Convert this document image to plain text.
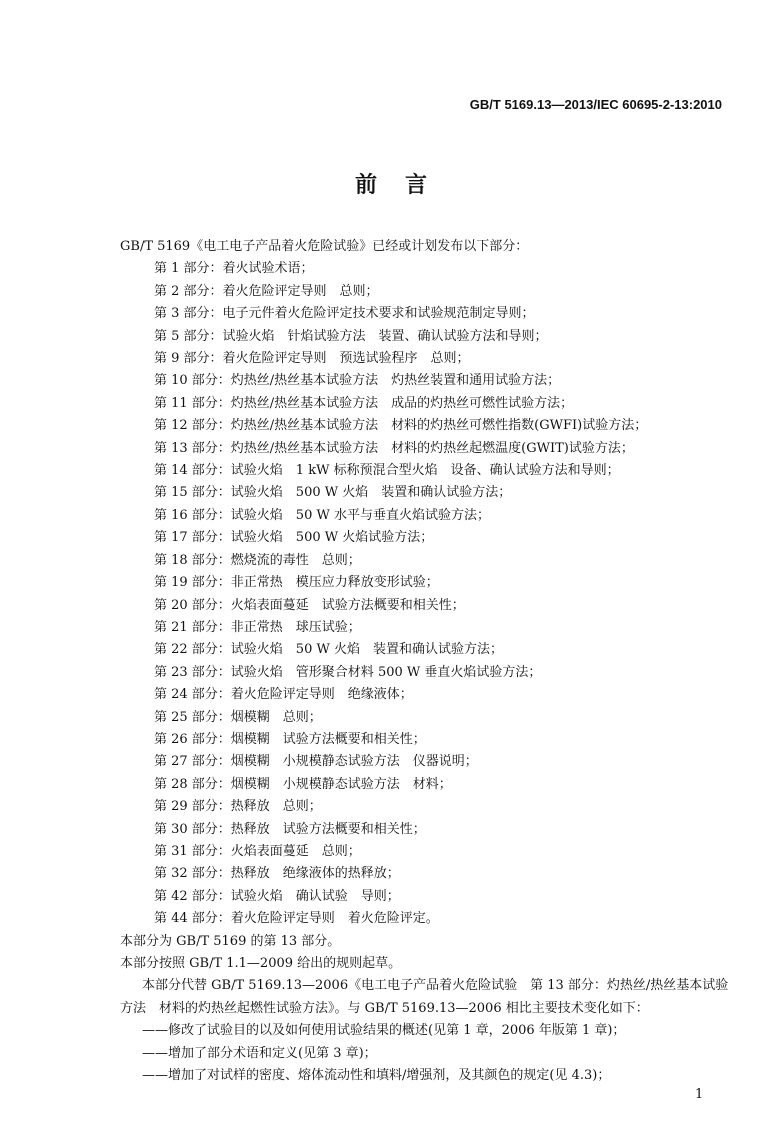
GB/T 5169.13—2013/IEC 60695-2-13:2010
前言
GB/T 5169《电工电子产品着火危险试验》已经或计划发布以下部分：
第 1 部分：着火试验术语；
第 2 部分：着火危险评定导则　总则；
第 3 部分：电子元件着火危险评定技术要求和试验规范制定导则；
第 5 部分：试验火焰　针焰试验方法　装置、确认试验方法和导则；
第 9 部分：着火危险评定导则　预选试验程序　总则；
第 10 部分：灼热丝/热丝基本试验方法　灼热丝装置和通用试验方法；
第 11 部分：灼热丝/热丝基本试验方法　成品的灼热丝可燃性试验方法；
第 12 部分：灼热丝/热丝基本试验方法　材料的灼热丝可燃性指数(GWFI)试验方法；
第 13 部分：灼热丝/热丝基本试验方法　材料的灼热丝起燃温度(GWIT)试验方法；
第 14 部分：试验火焰　1 kW 标称预混合型火焰　设备、确认试验方法和导则；
第 15 部分：试验火焰　500 W 火焰　装置和确认试验方法；
第 16 部分：试验火焰　50 W 水平与垂直火焰试验方法；
第 17 部分：试验火焰　500 W 火焰试验方法；
第 18 部分：燃烧流的毒性　总则；
第 19 部分：非正常热　模压应力释放变形试验；
第 20 部分：火焰表面蔓延　试验方法概要和相关性；
第 21 部分：非正常热　球压试验；
第 22 部分：试验火焰　50 W 火焰　装置和确认试验方法；
第 23 部分：试验火焰　管形聚合材料 500 W 垂直火焰试验方法；
第 24 部分：着火危险评定导则　绝缘液体；
第 25 部分：烟模糊　总则；
第 26 部分：烟模糊　试验方法概要和相关性；
第 27 部分：烟模糊　小规模静态试验方法　仪器说明；
第 28 部分：烟模糊　小规模静态试验方法　材料；
第 29 部分：热释放　总则；
第 30 部分：热释放　试验方法概要和相关性；
第 31 部分：火焰表面蔓延　总则；
第 32 部分：热释放　绝缘液体的热释放；
第 42 部分：试验火焰　确认试验　导则；
第 44 部分：着火危险评定导则　着火危险评定。
本部分为 GB/T 5169 的第 13 部分。
本部分按照 GB/T 1.1—2009 给出的规则起草。
本部分代替 GB/T 5169.13—2006《电工电子产品着火危险试验　第 13 部分：灼热丝/热丝基本试验方法　材料的灼热丝起燃性试验方法》。与 GB/T 5169.13—2006 相比主要技术变化如下：
——修改了试验目的以及如何使用试验结果的概述(见第 1 章，2006 年版第 1 章)；
——增加了部分术语和定义(见第 3 章)；
——增加了对试样的密度、熔体流动性和填料/增强剂，及其颜色的规定(见 4.3)；
1
